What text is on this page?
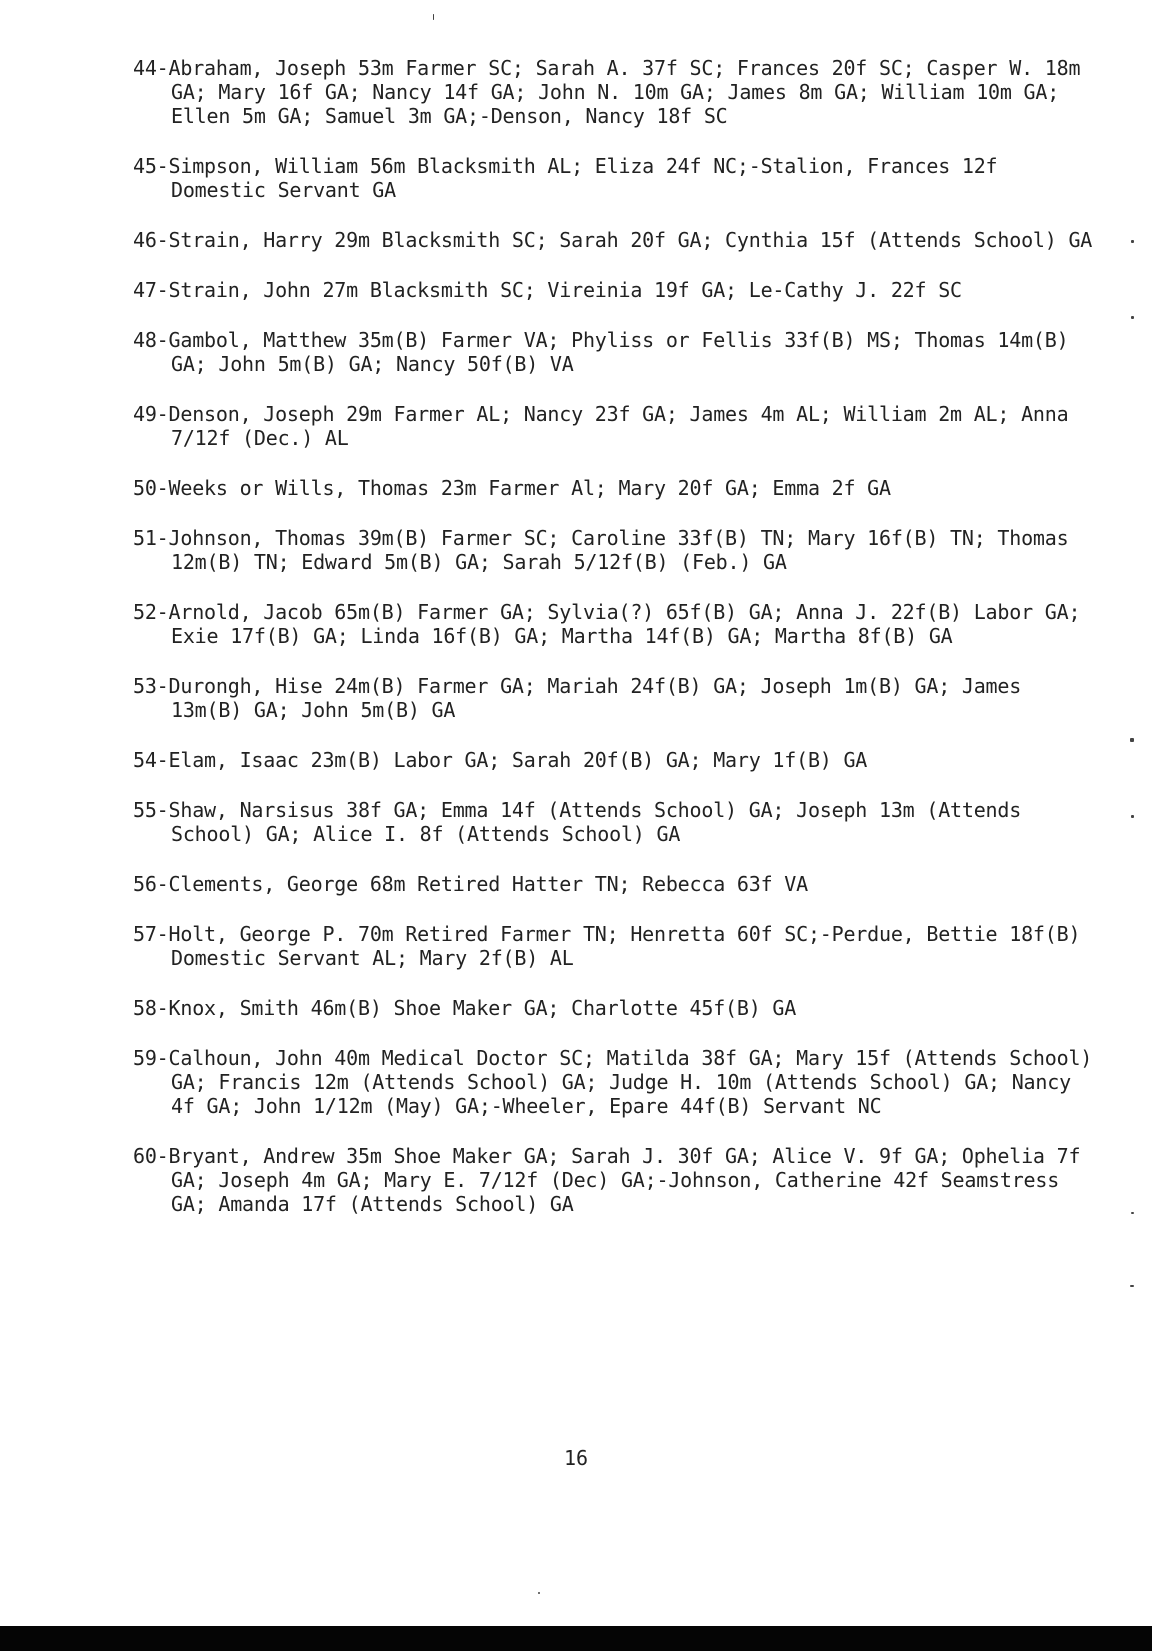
44-Abraham, Joseph 53m Farmer SC; Sarah A. 37f SC; Frances 20f SC; Casper W. 18m GA; Mary 16f GA; Nancy 14f GA; John N. 10m GA; James 8m GA; William 10m GA; Ellen 5m GA; Samuel 3m GA;-Denson, Nancy 18f SC

45-Simpson, William 56m Blacksmith AL; Eliza 24f NC;-Stalion, Frances 12f Domestic Servant GA

46-Strain, Harry 29m Blacksmith SC; Sarah 20f GA; Cynthia 15f (Attends School) GA

47-Strain, John 27m Blacksmith SC; Vireinia 19f GA; Le-Cathy J. 22f SC

48-Gambol, Matthew 35m(B) Farmer VA; Phyliss or Fellis 33f(B) MS; Thomas 14m(B) GA; John 5m(B) GA; Nancy 50f(B) VA

49-Denson, Joseph 29m Farmer AL; Nancy 23f GA; James 4m AL; William 2m AL; Anna 7/12f (Dec.) AL

50-Weeks or Wills, Thomas 23m Farmer Al; Mary 20f GA; Emma 2f GA

51-Johnson, Thomas 39m(B) Farmer SC; Caroline 33f(B) TN; Mary 16f(B) TN; Thomas 12m(B) TN; Edward 5m(B) GA; Sarah 5/12f(B) (Feb.) GA

52-Arnold, Jacob 65m(B) Farmer GA; Sylvia(?) 65f(B) GA; Anna J. 22f(B) Labor GA; Exie 17f(B) GA; Linda 16f(B) GA; Martha 14f(B) GA; Martha 8f(B) GA

53-Durongh, Hise 24m(B) Farmer GA; Mariah 24f(B) GA; Joseph 1m(B) GA; James 13m(B) GA; John 5m(B) GA

54-Elam, Isaac 23m(B) Labor GA; Sarah 20f(B) GA; Mary 1f(B) GA

55-Shaw, Narsisus 38f GA; Emma 14f (Attends School) GA; Joseph 13m (Attends School) GA; Alice I. 8f (Attends School) GA

56-Clements, George 68m Retired Hatter TN; Rebecca 63f VA

57-Holt, George P. 70m Retired Farmer TN; Henretta 60f SC;-Perdue, Bettie 18f(B) Domestic Servant AL; Mary 2f(B) AL

58-Knox, Smith 46m(B) Shoe Maker GA; Charlotte 45f(B) GA

59-Calhoun, John 40m Medical Doctor SC; Matilda 38f GA; Mary 15f (Attends School) GA; Francis 12m (Attends School) GA; Judge H. 10m (Attends School) GA; Nancy 4f GA; John 1/12m (May) GA;-Wheeler, Epare 44f(B) Servant NC

60-Bryant, Andrew 35m Shoe Maker GA; Sarah J. 30f GA; Alice V. 9f GA; Ophelia 7f GA; Joseph 4m GA; Mary E. 7/12f (Dec) GA;-Johnson, Catherine 42f Seamstress GA; Amanda 17f (Attends School) GA

16
